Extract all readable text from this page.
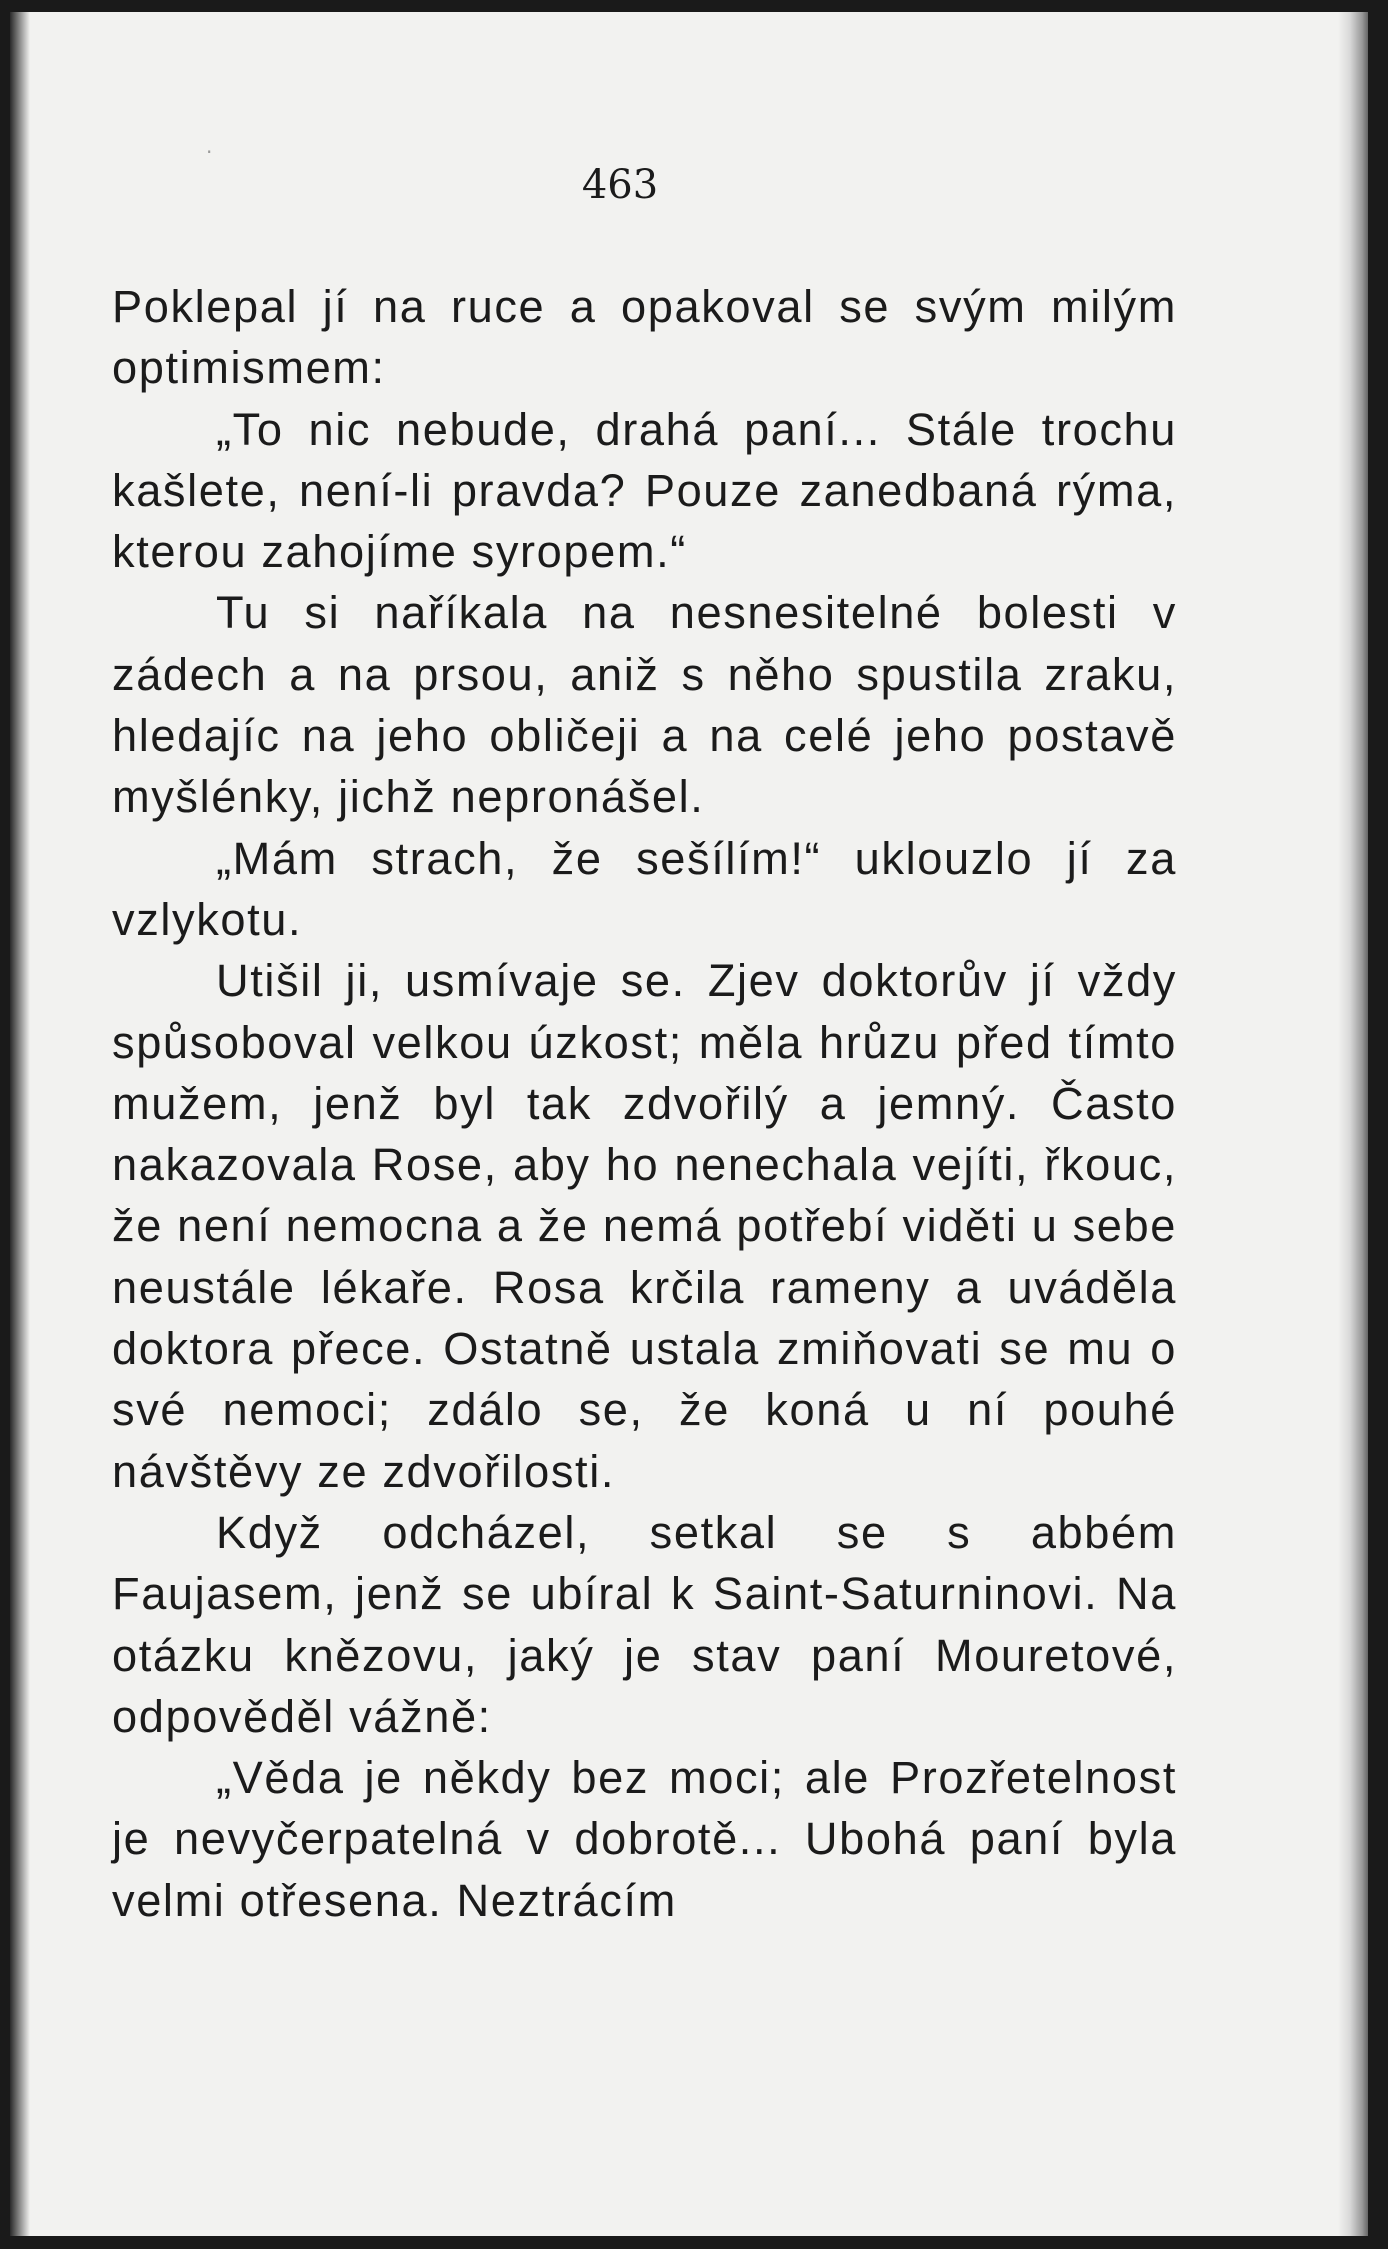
·

463

Poklepal jí na ruce a opakoval se svým milým optimismem:

„To nic nebude, drahá paní... Stále trochu kašlete, není-li pravda? Pouze zanedbaná rýma, kterou zahojíme syropem.“

Tu si naříkala na nesnesitelné bolesti v zádech a na prsou, aniž s něho spustila zraku, hledajíc na jeho obličeji a na celé jeho postavě myšlénky, jichž nepronášel.

„Mám strach, že sešílím!“ uklouzlo jí za vzlykotu.

Utišil ji, usmívaje se. Zjev doktorův jí vždy spůsoboval velkou úzkost; měla hrůzu před tímto mužem, jenž byl tak zdvořilý a jemný. Často nakazovala Rose, aby ho nenechala vejíti, řkouc, že není nemocna a že nemá potřebí viděti u sebe neustále lékaře. Rosa krčila rameny a uváděla doktora přece. Ostatně ustala zmiňovati se mu o své nemoci; zdálo se, že koná u ní pouhé návštěvy ze zdvořilosti.

Když odcházel, setkal se s abbém Faujasem, jenž se ubíral k Saint-Saturninovi. Na otázku knězovu, jaký je stav paní Mouretové, odpověděl vážně:

„Věda je někdy bez moci; ale Prozřetelnost je nevyčerpatelná v dobrotě... Ubohá paní byla velmi otřesena. Neztrácím
